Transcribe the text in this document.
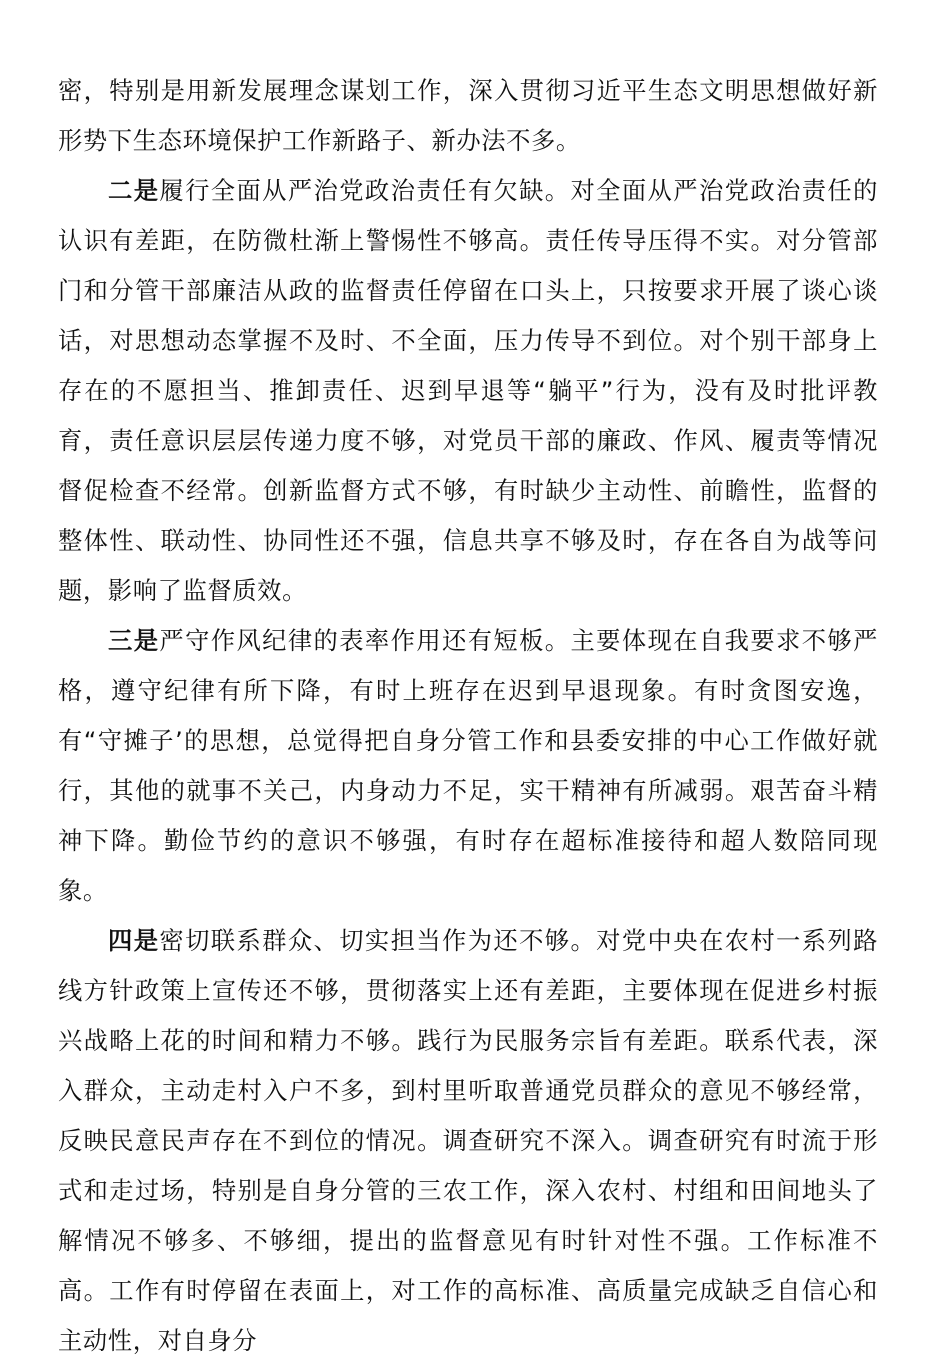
密，特别是用新发展理念谋划工作，深入贯彻习近平生态文明思想做好新形势下生态环境保护工作新路子、新办法不多。

二是履行全面从严治党政治责任有欠缺。对全面从严治党政治责任的认识有差距，在防微杜渐上警惕性不够高。责任传导压得不实。对分管部门和分管干部廉洁从政的监督责任停留在口头上，只按要求开展了谈心谈话，对思想动态掌握不及时、不全面，压力传导不到位。对个别干部身上存在的不愿担当、推卸责任、迟到早退等“躺平”行为，没有及时批评教育，责任意识层层传递力度不够，对党员干部的廉政、作风、履责等情况督促检查不经常。创新监督方式不够，有时缺少主动性、前瞻性，监督的整体性、联动性、协同性还不强，信息共享不够及时，存在各自为战等问题，影响了监督质效。

三是严守作风纪律的表率作用还有短板。主要体现在自我要求不够严格，遵守纪律有所下降，有时上班存在迟到早退现象。有时贪图安逸，有“守摊子’的思想，总觉得把自身分管工作和县委安排的中心工作做好就行，其他的就事不关己，内身动力不足，实干精神有所减弱。艰苦奋斗精神下降。勤俭节约的意识不够强，有时存在超标准接待和超人数陪同现象。

四是密切联系群众、切实担当作为还不够。对党中央在农村一系列路线方针政策上宣传还不够，贯彻落实上还有差距，主要体现在促进乡村振兴战略上花的时间和精力不够。践行为民服务宗旨有差距。联系代表，深入群众，主动走村入户不多，到村里听取普通党员群众的意见不够经常，反映民意民声存在不到位的情况。调查研究不深入。调查研究有时流于形式和走过场，特别是自身分管的三农工作，深入农村、村组和田间地头了解情况不够多、不够细，提出的监督意见有时针对性不强。工作标准不高。工作有时停留在表面上，对工作的高标准、高质量完成缺乏自信心和主动性，对自身分
